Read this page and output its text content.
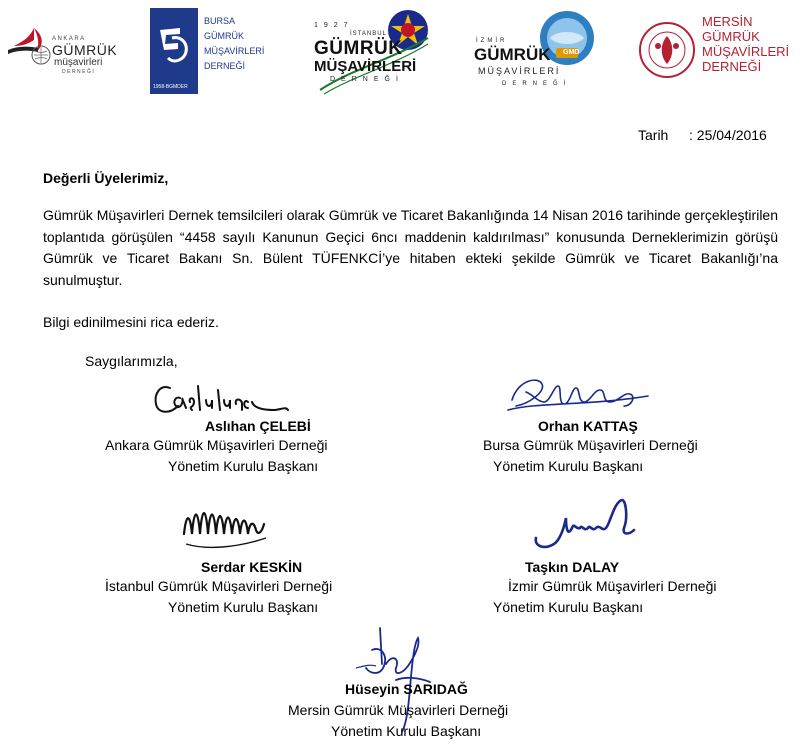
ANKARA
GÜMRÜK
müşavirleri
DERNEĞİ
1958-BGMDER
BURSA
GÜMRÜK
MÜŞAVİRLERİ
DERNEĞİ
1927
İSTANBUL
GÜMRÜK
MÜŞAVİRLERİ
DERNEĞİ
GMD
İZMİR
GÜMRÜK
MÜŞAVİRLERİ
DERNEĞİ
MERSİN
GÜMRÜK
MÜŞAVİRLERİ
DERNEĞİ
Tarih : 25/04/2016
Değerli Üyelerimiz,
Gümrük Müşavirleri Dernek temsilcileri olarak Gümrük ve Ticaret Bakanlığında 14 Nisan 2016 tarihinde gerçekleştirilen toplantıda görüşülen “4458 sayılı Kanunun Geçici 6ncı maddenin kaldırılması” konusunda Derneklerimizin görüşü Gümrük ve Ticaret Bakanı Sn. Bülent TÜFENKCİ’ye hitaben ekteki şekilde Gümrük ve Ticaret Bakanlığı’na sunulmuştur.
Bilgi edinilmesini rica ederiz.
Saygılarımızla,
Aslıhan ÇELEBİ
Ankara Gümrük Müşavirleri Derneği
Yönetim Kurulu Başkanı
Orhan KATTAŞ
Bursa Gümrük Müşavirleri Derneği
Yönetim Kurulu Başkanı
Serdar KESKİN
İstanbul Gümrük Müşavirleri Derneği
Yönetim Kurulu Başkanı
Taşkın DALAY
İzmir Gümrük Müşavirleri Derneği
Yönetim Kurulu Başkanı
Hüseyin SARIDAĞ
Mersin Gümrük Müşavirleri Derneği
Yönetim Kurulu Başkanı
